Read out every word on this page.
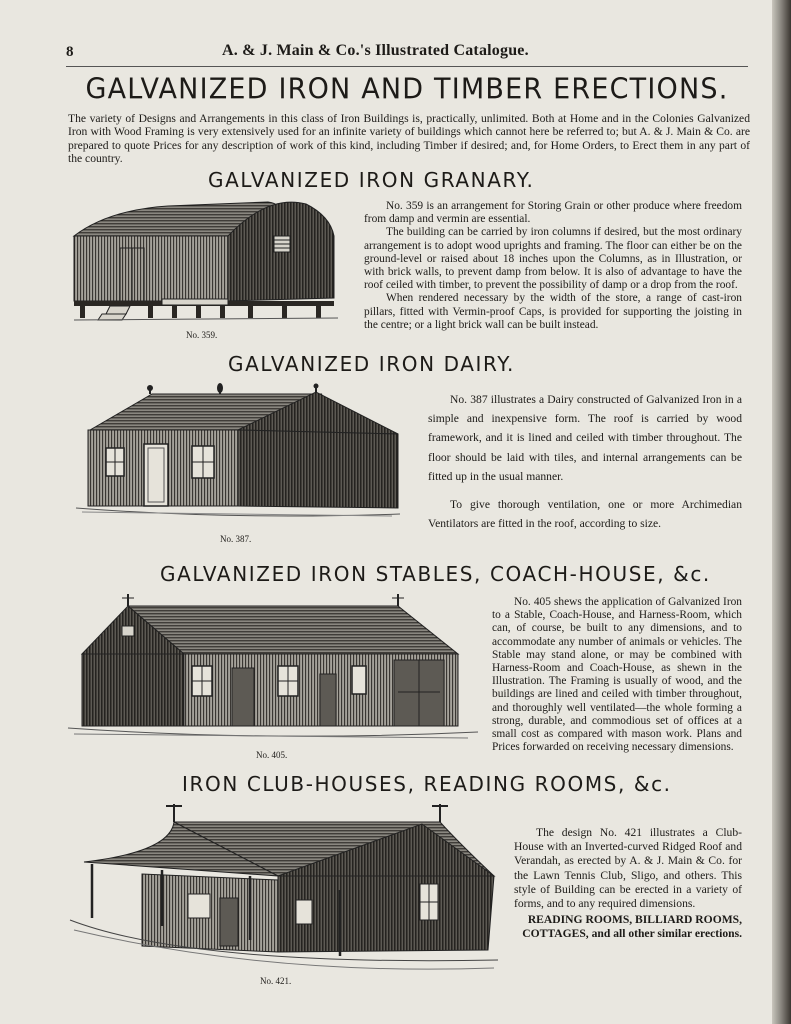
8	A. & J. Main & Co.'s Illustrated Catalogue.
GALVANIZED IRON AND TIMBER ERECTIONS.
The variety of Designs and Arrangements in this class of Iron Buildings is, practically, unlimited. Both at Home and in the Colonies Galvanized Iron with Wood Framing is very extensively used for an infinite variety of buildings which cannot here be referred to; but A. & J. Main & Co. are prepared to quote Prices for any description of work of this kind, including Timber if desired; and, for Home Orders, to Erect them in any part of the country.
GALVANIZED IRON GRANARY.
No. 359.

No. 359 is an arrangement for Storing Grain or other produce where freedom from damp and vermin are essential.

The building can be carried by iron columns if desired, but the most ordinary arrangement is to adopt wood uprights and framing. The floor can either be on the ground-level or raised about 18 inches upon the Columns, as in Illustration, or with brick walls, to prevent damp from below. It is also of advantage to have the roof ceiled with timber, to prevent the possibility of damp or a drop from the roof.

When rendered necessary by the width of the store, a range of cast-iron pillars, fitted with Vermin-proof Caps, is provided for supporting the joisting in the centre; or a light brick wall can be built instead.

GALVANIZED IRON DAIRY.
No. 387.

No. 387 illustrates a Dairy constructed of Galvanized Iron in a simple and inexpensive form. The roof is carried by wood framework, and it is lined and ceiled with timber throughout. The floor should be laid with tiles, and internal arrangements can be fitted up in the usual manner.

To give thorough ventilation, one or more Archimedian Ventilators are fitted in the roof, according to size.

GALVANIZED IRON STABLES, COACH-HOUSE, &c.
No. 405.

No. 405 shews the application of Galvanized Iron to a Stable, Coach-House, and Harness-Room, which can, of course, be built to any dimensions, and to accommodate any number of animals or vehicles. The Stable may stand alone, or may be combined with Harness-Room and Coach-House, as shewn in the Illustration. The Framing is usually of wood, and the buildings are lined and ceiled with timber throughout, and thoroughly well ventilated—the whole forming a strong, durable, and commodious set of offices at a small cost as compared with mason work. Plans and Prices forwarded on receiving necessary dimensions.

IRON CLUB-HOUSES, READING ROOMS, &c.
No. 421.

The design No. 421 illustrates a Club-House with an Inverted-curved Ridged Roof and Verandah, as erected by A. & J. Main & Co. for the Lawn Tennis Club, Sligo, and others. This style of Building can be erected in a variety of forms, and to any required dimensions.

READING ROOMS, BILLIARD ROOMS, COTTAGES, and all other similar erections.
